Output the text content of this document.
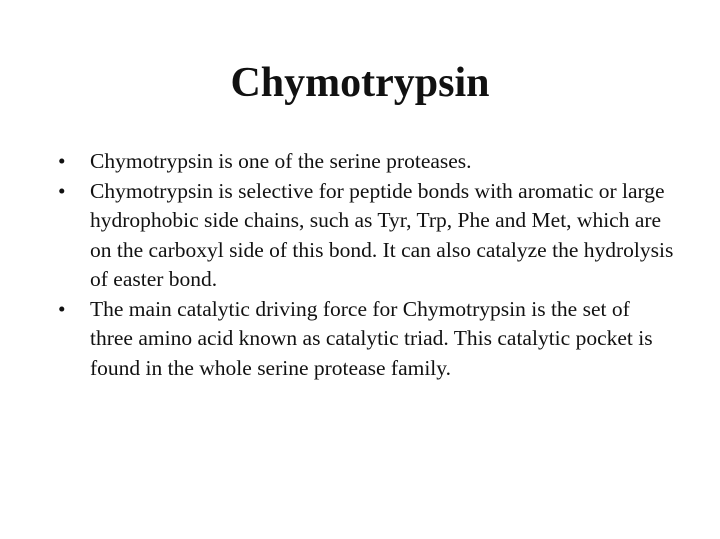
Chymotrypsin
•	Chymotrypsin is one of the serine proteases.
•	Chymotrypsin is selective for peptide bonds with aromatic or large hydrophobic side chains, such as Tyr, Trp, Phe and Met, which are on the carboxyl side of this bond. It can also catalyze the hydrolysis of easter bond.
•	The main catalytic driving force for Chymotrypsin is the set of three amino acid known as catalytic triad. This catalytic pocket is found in the whole serine protease family.
